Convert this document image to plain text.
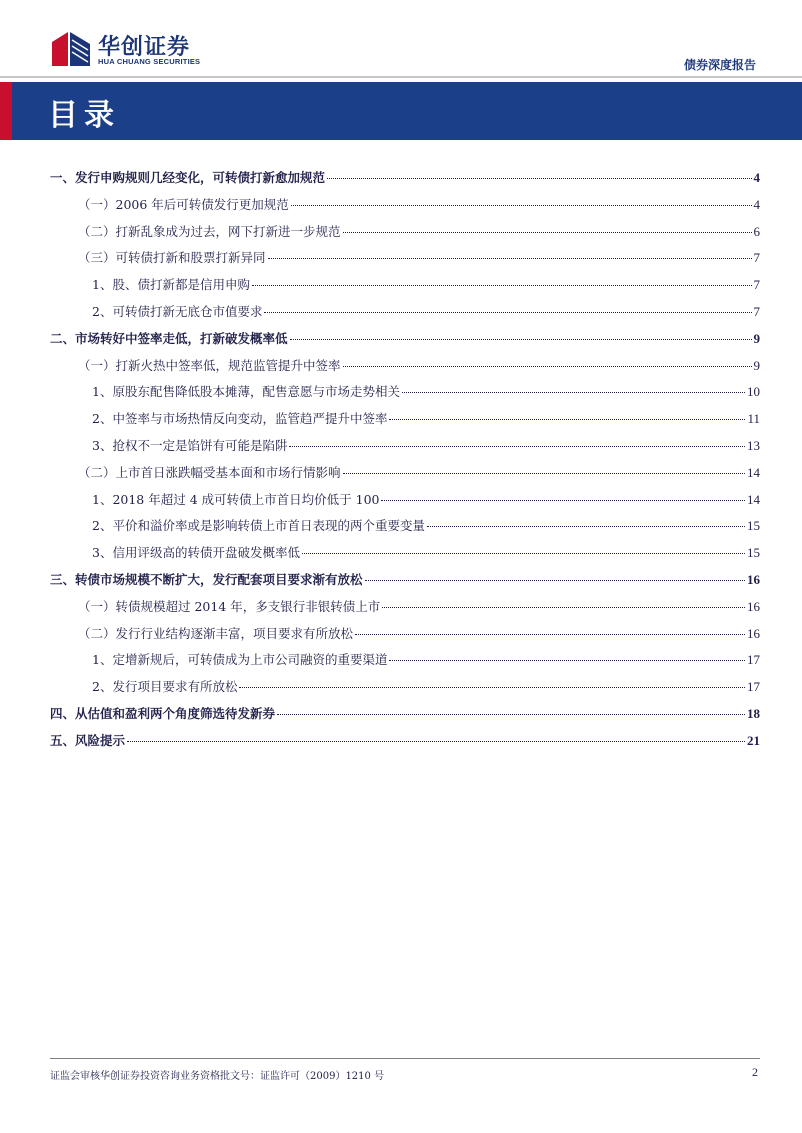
华创证券
HUA CHUANG SECURITIES	债券深度报告
目录
一、发行申购规则几经变化，可转债打新愈加规范	4
（一）2006 年后可转债发行更加规范	4
（二）打新乱象成为过去，网下打新进一步规范	6
（三）可转债打新和股票打新异同	7
1、股、债打新都是信用申购	7
2、可转债打新无底仓市值要求	7
二、市场转好中签率走低，打新破发概率低	9
（一）打新火热中签率低，规范监管提升中签率	9
1、原股东配售降低股本摊薄，配售意愿与市场走势相关	10
2、中签率与市场热情反向变动，监管趋严提升中签率	11
3、抢权不一定是馅饼有可能是陷阱	13
（二）上市首日涨跌幅受基本面和市场行情影响	14
1、2018 年超过 4 成可转债上市首日均价低于 100	14
2、平价和溢价率或是影响转债上市首日表现的两个重要变量	15
3、信用评级高的转债开盘破发概率低	15
三、转债市场规模不断扩大，发行配套项目要求渐有放松	16
（一）转债规模超过 2014 年，多支银行非银转债上市	16
（二）发行行业结构逐渐丰富，项目要求有所放松	16
1、定增新规后，可转债成为上市公司融资的重要渠道	17
2、发行项目要求有所放松	17
四、从估值和盈利两个角度筛选待发新券	18
五、风险提示	21
证监会审核华创证券投资咨询业务资格批文号：证监许可（2009）1210 号	2
